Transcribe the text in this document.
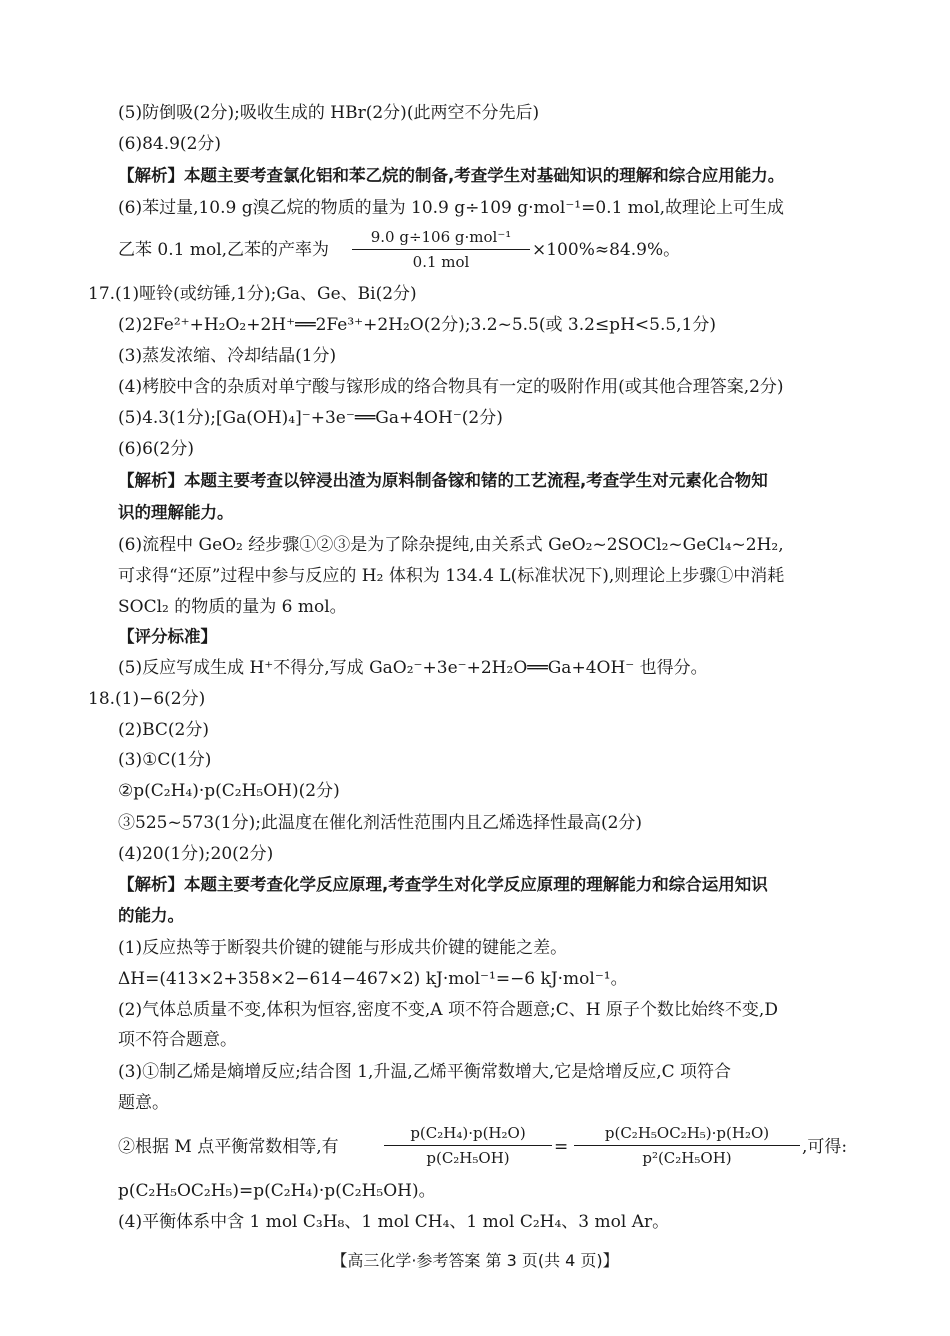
(5)防倒吸(2分);吸收生成的 HBr(2分)(此两空不分先后)
(6)84.9(2分)
【解析】本题主要考查氯化铝和苯乙烷的制备,考查学生对基础知识的理解和综合应用能力。
(6)苯过量,10.9 g溴乙烷的物质的量为 10.9 g÷109 g·mol⁻¹=0.1 mol,故理论上可生成
乙苯 0.1 mol,乙苯的产率为
9.0 g÷106 g·mol⁻¹
0.1 mol
×100%≈84.9%。
17.(1)哑铃(或纺锤,1分);Ga、Ge、Bi(2分)
(2)2Fe²⁺+H₂O₂+2H⁺══2Fe³⁺+2H₂O(2分);3.2~5.5(或 3.2≤pH<5.5,1分)
(3)蒸发浓缩、冷却结晶(1分)
(4)栲胶中含的杂质对单宁酸与镓形成的络合物具有一定的吸附作用(或其他合理答案,2分)
(5)4.3(1分);[Ga(OH)₄]⁻+3e⁻══Ga+4OH⁻(2分)
(6)6(2分)
【解析】本题主要考查以锌浸出渣为原料制备镓和锗的工艺流程,考查学生对元素化合物知
识的理解能力。
(6)流程中 GeO₂ 经步骤①②③是为了除杂提纯,由关系式 GeO₂~2SOCl₂~GeCl₄~2H₂,
可求得“还原”过程中参与反应的 H₂ 体积为 134.4 L(标准状况下),则理论上步骤①中消耗
SOCl₂ 的物质的量为 6 mol。
【评分标准】
(5)反应写成生成 H⁺不得分,写成 GaO₂⁻+3e⁻+2H₂O══Ga+4OH⁻ 也得分。
18.(1)−6(2分)
(2)BC(2分)
(3)①C(1分)
②p(C₂H₄)·p(C₂H₅OH)(2分)
③525~573(1分);此温度在催化剂活性范围内且乙烯选择性最高(2分)
(4)20(1分);20(2分)
【解析】本题主要考查化学反应原理,考查学生对化学反应原理的理解能力和综合运用知识
的能力。
(1)反应热等于断裂共价键的键能与形成共价键的键能之差。
ΔH=(413×2+358×2−614−467×2) kJ·mol⁻¹=−6 kJ·mol⁻¹。
(2)气体总质量不变,体积为恒容,密度不变,A 项不符合题意;C、H 原子个数比始终不变,D
项不符合题意。
(3)①制乙烯是熵增反应;结合图 1,升温,乙烯平衡常数增大,它是焓增反应,C 项符合
题意。
②根据 M 点平衡常数相等,有
p(C₂H₄)·p(H₂O)
p(C₂H₅OH)
=
p(C₂H₅OC₂H₅)·p(H₂O)
p²(C₂H₅OH)
,可得:
p(C₂H₅OC₂H₅)=p(C₂H₄)·p(C₂H₅OH)。
(4)平衡体系中含 1 mol C₃H₈、1 mol CH₄、1 mol C₂H₄、3 mol Ar。
【高三化学·参考答案 第 3 页(共 4 页)】
